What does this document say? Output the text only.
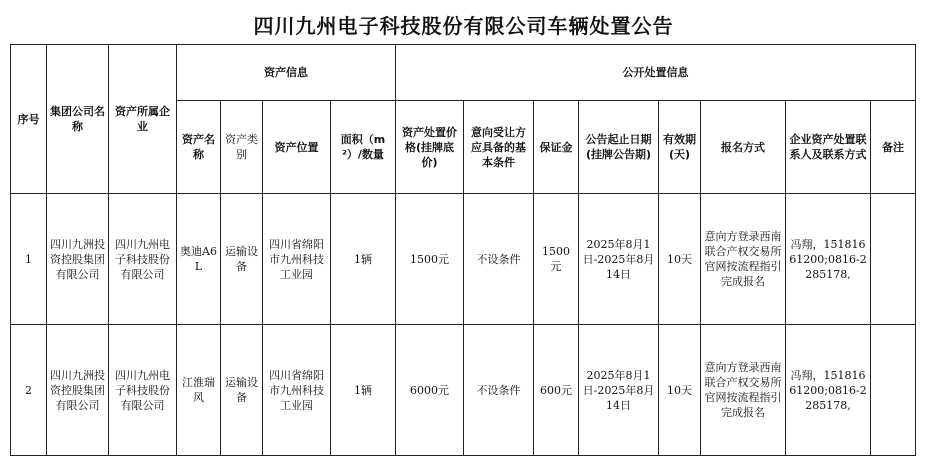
四川九州电子科技股份有限公司车辆处置公告
序号	集团公司名称	资产所属企业	资产信息				公开处置信息							
			资产名称	资产类别	资产位置	面积（m²）/数量	资产处置价格(挂牌底价)	意向受让方应具备的基本条件	保证金	公告起止日期(挂牌公告期)	有效期(天)	报名方式	企业资产处置联系人及联系方式	备注
1	四川九洲投资控股集团有限公司	四川九州电子科技股份有限公司	奥迪A6L	运输设备	四川省绵阳市九州科技工业园	1辆	1500元	不设条件	1500元	2025年8月1日-2025年8月14日	10天	意向方登录西南联合产权交易所官网按流程指引完成报名	冯翔，15181661200;0816-2285178,	
2	四川九洲投资控股集团有限公司	四川九州电子科技股份有限公司	江淮瑞风	运输设备	四川省绵阳市九州科技工业园	1辆	6000元	不设条件	600元	2025年8月1日-2025年8月14日	10天	意向方登录西南联合产权交易所官网按流程指引完成报名	冯翔，15181661200;0816-2285178,	
